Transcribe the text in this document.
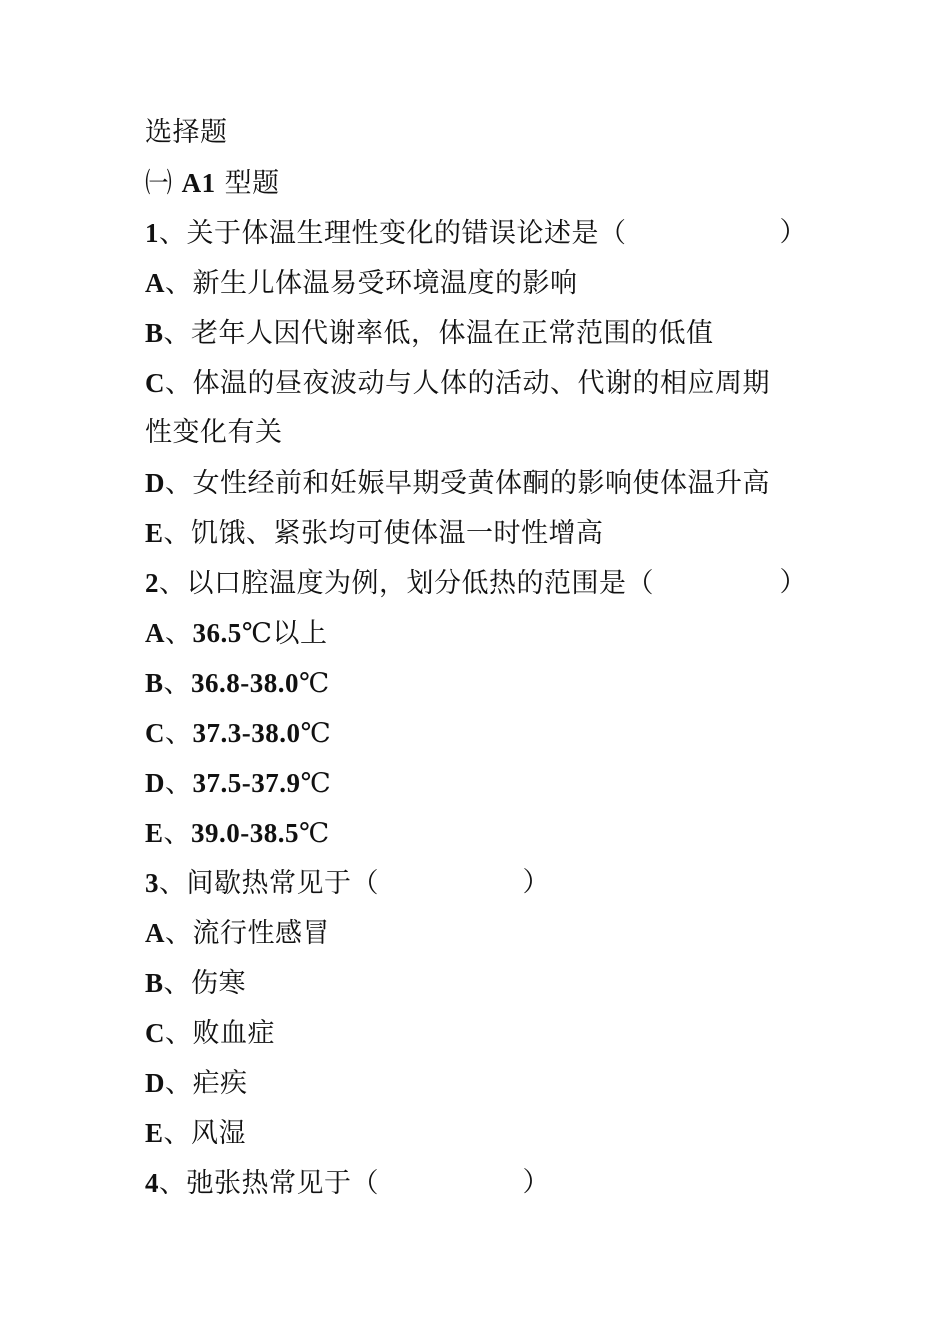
选择题
㈠ A1 型题
1、关于体温生理性变化的错误论述是（	）
A、新生儿体温易受环境温度的影响
B、老年人因代谢率低，体温在正常范围的低值
C、体温的昼夜波动与人体的活动、代谢的相应周期
性变化有关
D、女性经前和妊娠早期受黄体酮的影响使体温升高
E、饥饿、紧张均可使体温一时性增高
2、以口腔温度为例，划分低热的范围是（	）
A、36.5℃以上
B、36.8-38.0℃
C、37.3-38.0℃
D、37.5-37.9℃
E、39.0-38.5℃
3、间歇热常见于（	）
A、流行性感冒
B、伤寒
C、败血症
D、疟疾
E、风湿
4、弛张热常见于（	）
